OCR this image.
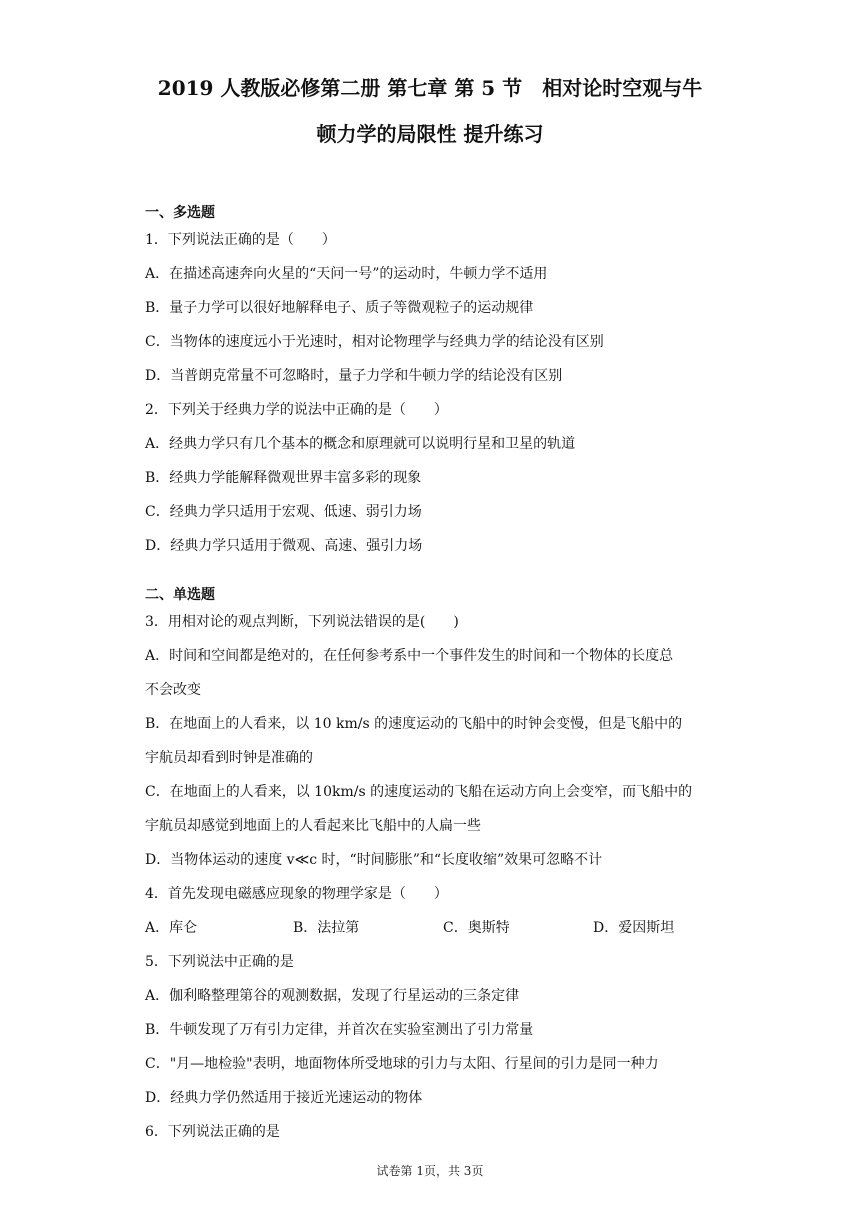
2019 人教版必修第二册 第七章 第 5 节　相对论时空观与牛
顿力学的局限性 提升练习
一、多选题
1．下列说法正确的是（　　）
A．在描述高速奔向火星的“天问一号”的运动时，牛顿力学不适用
B．量子力学可以很好地解释电子、质子等微观粒子的运动规律
C．当物体的速度远小于光速时，相对论物理学与经典力学的结论没有区别
D．当普朗克常量不可忽略时，量子力学和牛顿力学的结论没有区别
2．下列关于经典力学的说法中正确的是（　　）
A．经典力学只有几个基本的概念和原理就可以说明行星和卫星的轨道
B．经典力学能解释微观世界丰富多彩的现象
C．经典力学只适用于宏观、低速、弱引力场
D．经典力学只适用于微观、高速、强引力场
二、单选题
3．用相对论的观点判断，下列说法错误的是(　　)
A．时间和空间都是绝对的，在任何参考系中一个事件发生的时间和一个物体的长度总
不会改变
B．在地面上的人看来，以 10 km/s 的速度运动的飞船中的时钟会变慢，但是飞船中的
宇航员却看到时钟是准确的
C．在地面上的人看来，以 10km/s 的速度运动的飞船在运动方向上会变窄，而飞船中的
宇航员却感觉到地面上的人看起来比飞船中的人扁一些
D．当物体运动的速度 v≪c 时，“时间膨胀”和“长度收缩”效果可忽略不计
4．首先发现电磁感应现象的物理学家是（　　）
A．库仑	B．法拉第	C．奥斯特	D．爱因斯坦
5．下列说法中正确的是
A．伽利略整理第谷的观测数据，发现了行星运动的三条定律
B．牛顿发现了万有引力定律，并首次在实验室测出了引力常量
C．"月—地检验"表明，地面物体所受地球的引力与太阳、行星间的引力是同一种力
D．经典力学仍然适用于接近光速运动的物体
6．下列说法正确的是
试卷第 1页，共 3页
